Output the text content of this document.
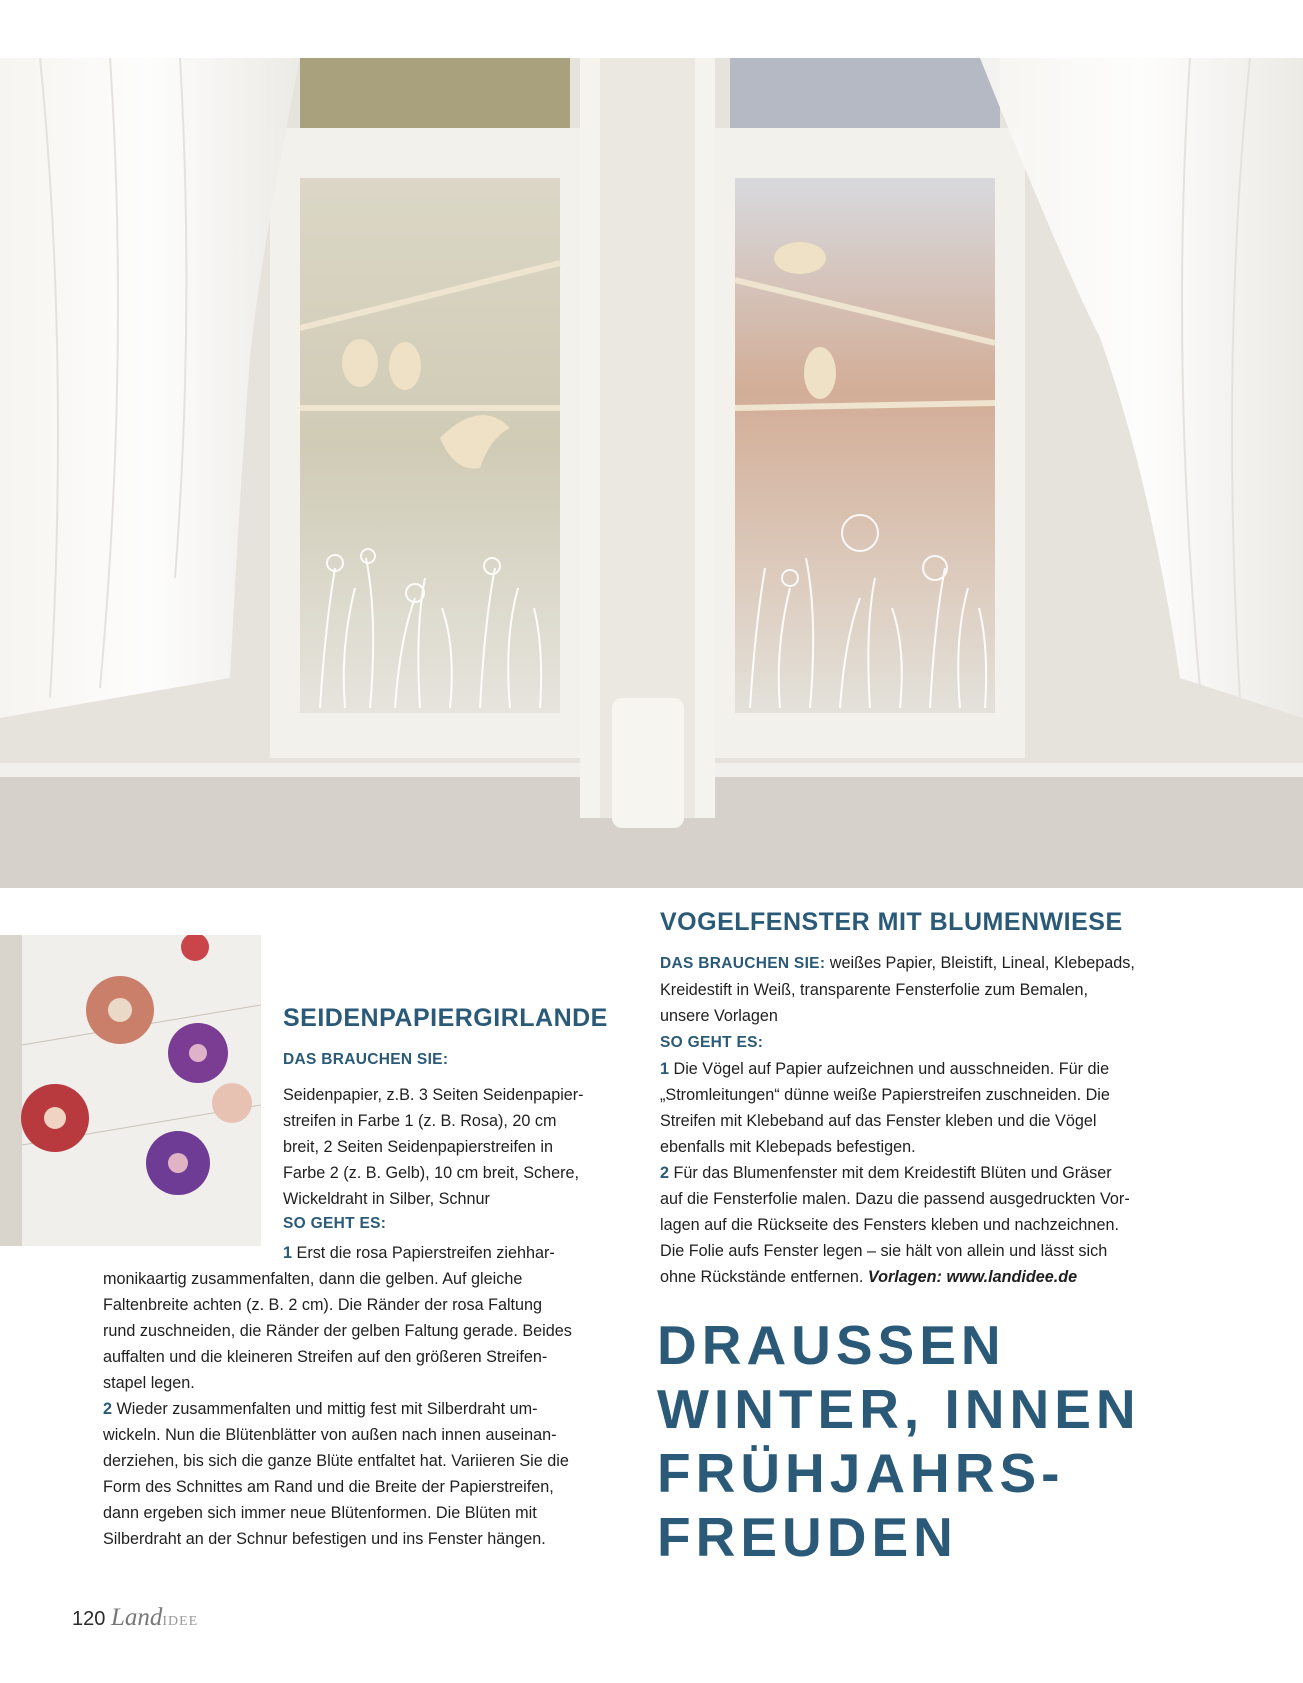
SEIDENPAPIERGIRLANDE
DAS BRAUCHEN SIE:

Seidenpapier, z.B. 3 Seiten Seidenpapier-

streifen in Farbe 1 (z. B. Rosa), 20 cm

breit, 2 Seiten Seidenpapierstreifen in

Farbe 2 (z. B. Gelb), 10 cm breit, Schere,

Wickeldraht in Silber, Schnur

SO GEHT ES:

1 Erst die rosa Papierstreifen ziehhar-

monikaartig zusammenfalten, dann die gelben. Auf gleiche

Faltenbreite achten (z. B. 2 cm). Die Ränder der rosa Faltung

rund zuschneiden, die Ränder der gelben Faltung gerade. Beides

auffalten und die kleineren Streifen auf den größeren Streifen-

stapel legen.

2 Wieder zusammenfalten und mittig fest mit Silberdraht um-

wickeln. Nun die Blütenblätter von außen nach innen auseinan-

derziehen, bis sich die ganze Blüte entfaltet hat. Variieren Sie die

Form des Schnittes am Rand und die Breite der Papierstreifen,

dann ergeben sich immer neue Blütenformen. Die Blüten mit

Silberdraht an der Schnur befestigen und ins Fenster hängen.

VOGELFENSTER MIT BLUMENWIESE

DAS BRAUCHEN SIE: weißes Papier, Bleistift, Lineal, Klebepads,

Kreidestift in Weiß, transparente Fensterfolie zum Bemalen,

unsere Vorlagen

SO GEHT ES:

1 Die Vögel auf Papier aufzeichnen und ausschneiden. Für die

„Stromleitungen“ dünne weiße Papierstreifen zuschneiden. Die

Streifen mit Klebeband auf das Fenster kleben und die Vögel

ebenfalls mit Klebepads befestigen.

2 Für das Blumenfenster mit dem Kreidestift Blüten und Gräser

auf die Fensterfolie malen. Dazu die passend ausgedruckten Vor-

lagen auf die Rückseite des Fensters kleben und nachzeichnen.

Die Folie aufs Fenster legen – sie hält von allein und lässt sich

ohne Rückstände entfernen. Vorlagen: www.landidee.de

DRAUSSEN
WINTER, INNEN
FRÜHJAHRS-
FREUDEN
120 LandIDEE
